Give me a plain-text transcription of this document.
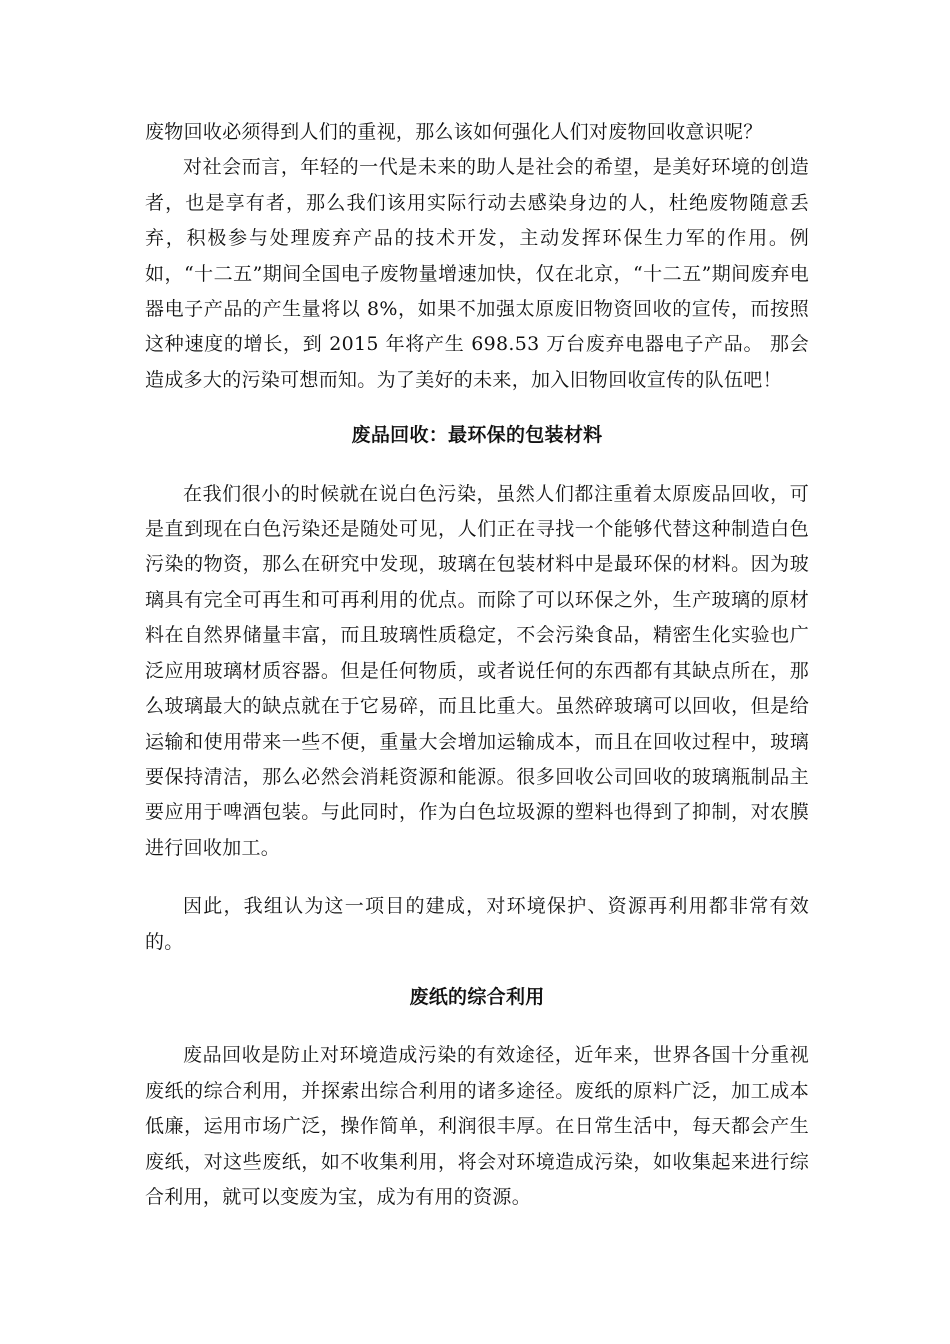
废物回收必须得到人们的重视，那么该如何强化人们对废物回收意识呢？

对社会而言，年轻的一代是未来的助人是社会的希望，是美好环境的创造者，也是享有者，那么我们该用实际行动去感染身边的人，杜绝废物随意丢弃，积极参与处理废弃产品的技术开发，主动发挥环保生力军的作用。例如，“十二五”期间全国电子废物量增速加快，仅在北京，“十二五”期间废弃电器电子产品的产生量将以 8%，如果不加强太原废旧物资回收的宣传，而按照这种速度的增长，到 2015 年将产生 698.53 万台废弃电器电子产品。 那会造成多大的污染可想而知。为了美好的未来，加入旧物回收宣传的队伍吧！

废品回收：最环保的包装材料

在我们很小的时候就在说白色污染，虽然人们都注重着太原废品回收，可是直到现在白色污染还是随处可见，人们正在寻找一个能够代替这种制造白色污染的物资，那么在研究中发现，玻璃在包装材料中是最环保的材料。因为玻璃具有完全可再生和可再利用的优点。而除了可以环保之外，生产玻璃的原材料在自然界储量丰富，而且玻璃性质稳定，不会污染食品，精密生化实验也广泛应用玻璃材质容器。但是任何物质，或者说任何的东西都有其缺点所在，那么玻璃最大的缺点就在于它易碎，而且比重大。虽然碎玻璃可以回收，但是给运输和使用带来一些不便，重量大会增加运输成本，而且在回收过程中，玻璃要保持清洁，那么必然会消耗资源和能源。很多回收公司回收的玻璃瓶制品主要应用于啤酒包装。与此同时，作为白色垃圾源的塑料也得到了抑制，对农膜进行回收加工。

因此，我组认为这一项目的建成，对环境保护、资源再利用都非常有效的。

废纸的综合利用

废品回收是防止对环境造成污染的有效途径，近年来，世界各国十分重视废纸的综合利用，并探索出综合利用的诸多途径。废纸的原料广泛，加工成本低廉，运用市场广泛，操作简单，利润很丰厚。在日常生活中，每天都会产生废纸，对这些废纸，如不收集利用，将会对环境造成污染，如收集起来进行综合利用，就可以变废为宝，成为有用的资源。
